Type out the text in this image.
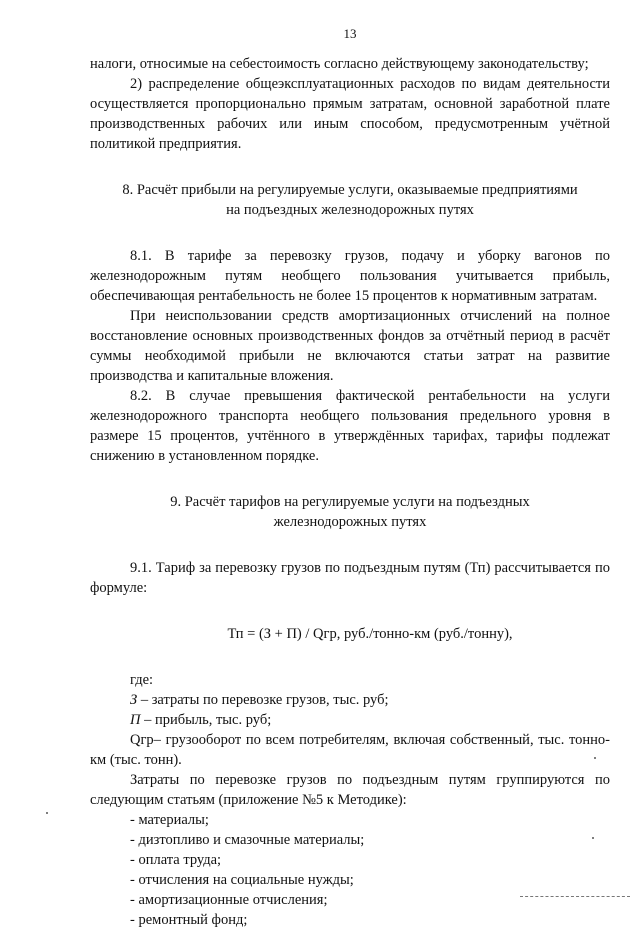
13

налоги, относимые на себестоимость согласно действующему законодательству;

2) распределение общеэксплуатационных расходов по видам деятельности осуществляется пропорционально прямым затратам, основной заработной плате производственных рабочих или иным способом, предусмотренным учётной политикой предприятия.

8. Расчёт прибыли на регулируемые услуги, оказываемые предприятиями
на подъездных железнодорожных путях

8.1. В тарифе за перевозку грузов, подачу и уборку вагонов по железнодорожным путям необщего пользования учитывается прибыль, обеспечивающая рентабельность не более 15 процентов к нормативным затратам.

При неиспользовании средств амортизационных отчислений на полное восстановление основных производственных фондов за отчётный период в расчёт суммы необходимой прибыли не включаются статьи затрат на развитие производства и капитальные вложения.

8.2. В случае превышения фактической рентабельности на услуги железнодорожного транспорта необщего пользования предельного уровня в размере 15 процентов, учтённого в утверждённых тарифах, тарифы подлежат снижению в установленном порядке.

9. Расчёт тарифов на регулируемые услуги на подъездных
железнодорожных путях

9.1. Тариф за перевозку грузов по подъездным путям (Тп) рассчитывается по формуле:

Тп = (З + П) / Qгр, руб./тонно-км (руб./тонну),

где:

З – затраты по перевозке грузов, тыс. руб;

П – прибыль, тыс. руб;

Qгр– грузооборот по всем потребителям, включая собственный, тыс. тонно-км (тыс. тонн).

Затраты по перевозке грузов по подъездным путям группируются по следующим статьям (приложение №5 к Методике):

- материалы;

- дизтопливо и смазочные материалы;

- оплата труда;

- отчисления на социальные нужды;

- амортизационные отчисления;

- ремонтный фонд;
